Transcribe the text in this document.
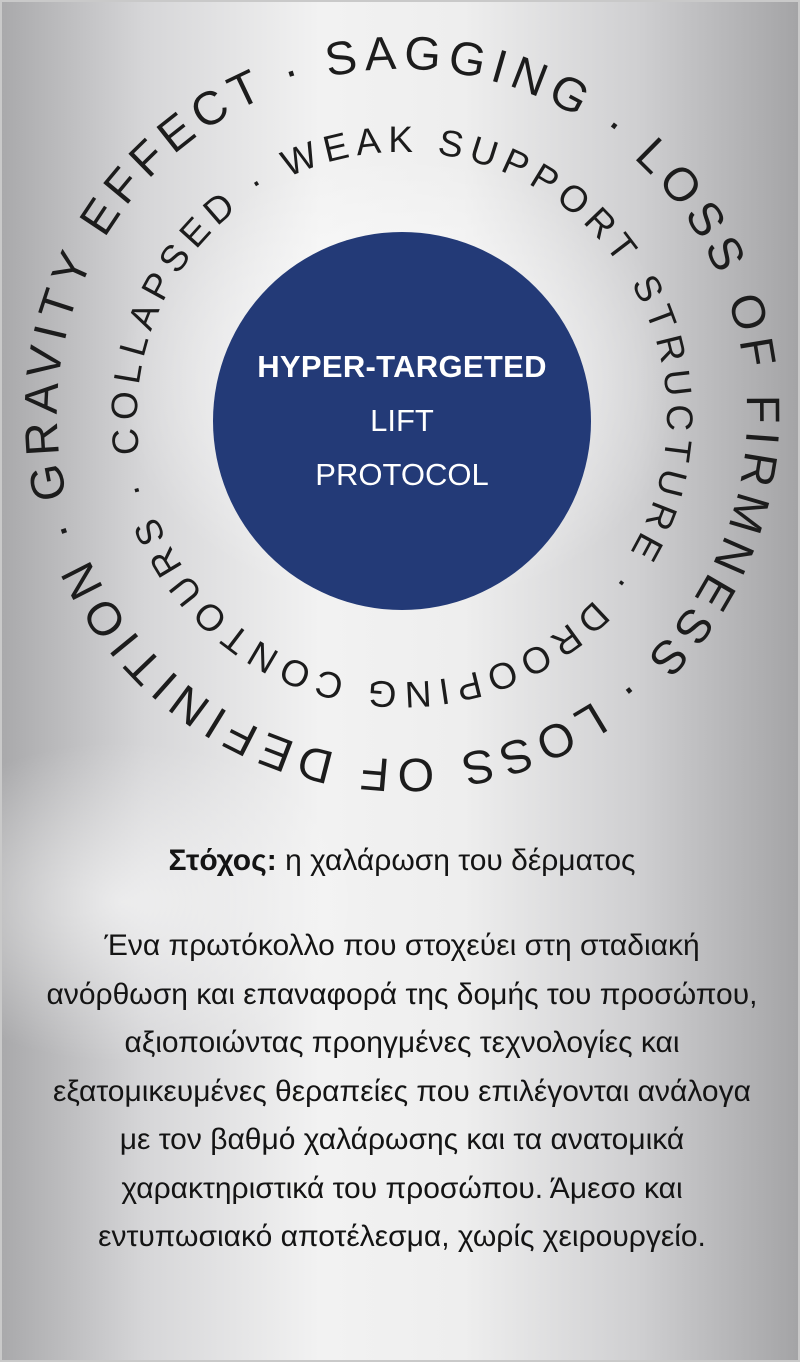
GRAVITY EFFECT · SAGGING · LOSS OF FIRMNESS · LOSS OF DEFINITION ·
COLLAPSED · WEAK SUPPORT STRUCTURE · DROOPING CONTOURS ·
HYPER-TARGETED
LIFT
PROTOCOL
Στόχος: η χαλάρωση του δέρματος
Ένα πρωτόκολλο που στοχεύει στη σταδιακή ανόρθωση και επαναφορά της δομής του προσώπου, αξιοποιώντας προηγμένες τεχνολογίες και εξατομικευμένες θεραπείες που επιλέγονται ανάλογα με τον βαθμό χαλάρωσης και τα ανατομικά χαρακτηριστικά του προσώπου. Άμεσο και εντυπωσιακό αποτέλεσμα, χωρίς χειρουργείο.
